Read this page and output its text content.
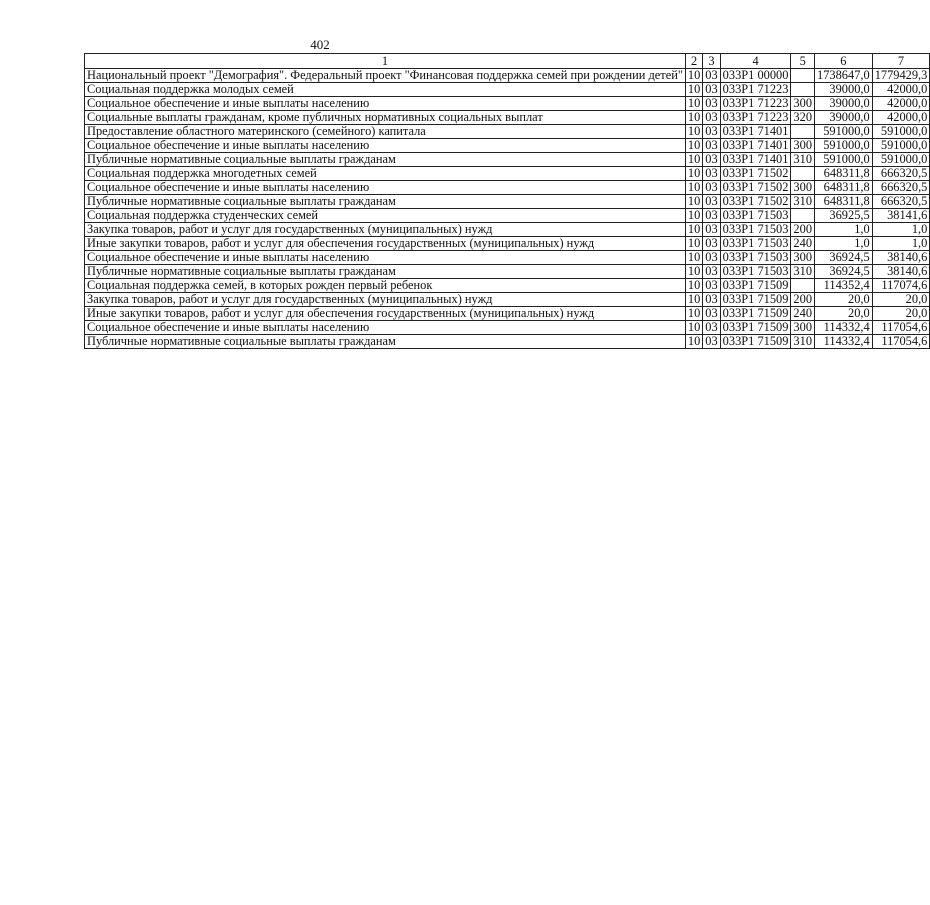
402
1	2	3	4	5	6	7
Национальный проект "Демография". Федеральный проект "Финансовая поддержка семей при рождении детей"	10	03	033P1 00000		1738647,0	1779429,3
Социальная поддержка молодых семей	10	03	033P1 71223		39000,0	42000,0
Социальное обеспечение и иные выплаты населению	10	03	033P1 71223	300	39000,0	42000,0
Социальные выплаты гражданам, кроме публичных нормативных социальных выплат	10	03	033P1 71223	320	39000,0	42000,0
Предоставление областного материнского (семейного) капитала	10	03	033P1 71401		591000,0	591000,0
Социальное обеспечение и иные выплаты населению	10	03	033P1 71401	300	591000,0	591000,0
Публичные нормативные социальные выплаты гражданам	10	03	033P1 71401	310	591000,0	591000,0
Социальная поддержка многодетных семей	10	03	033P1 71502		648311,8	666320,5
Социальное обеспечение и иные выплаты населению	10	03	033P1 71502	300	648311,8	666320,5
Публичные нормативные социальные выплаты гражданам	10	03	033P1 71502	310	648311,8	666320,5
Социальная поддержка студенческих семей	10	03	033P1 71503		36925,5	38141,6
Закупка товаров, работ и услуг для государственных (муниципальных) нужд	10	03	033P1 71503	200	1,0	1,0
Иные закупки товаров, работ и услуг для обеспечения государственных (муниципальных) нужд	10	03	033P1 71503	240	1,0	1,0
Социальное обеспечение и иные выплаты населению	10	03	033P1 71503	300	36924,5	38140,6
Публичные нормативные социальные выплаты гражданам	10	03	033P1 71503	310	36924,5	38140,6
Социальная поддержка семей, в которых рожден первый ребенок	10	03	033P1 71509		114352,4	117074,6
Закупка товаров, работ и услуг для государственных (муниципальных) нужд	10	03	033P1 71509	200	20,0	20,0
Иные закупки товаров, работ и услуг для обеспечения государственных (муниципальных) нужд	10	03	033P1 71509	240	20,0	20,0
Социальное обеспечение и иные выплаты населению	10	03	033P1 71509	300	114332,4	117054,6
Публичные нормативные социальные выплаты гражданам	10	03	033P1 71509	310	114332,4	117054,6
